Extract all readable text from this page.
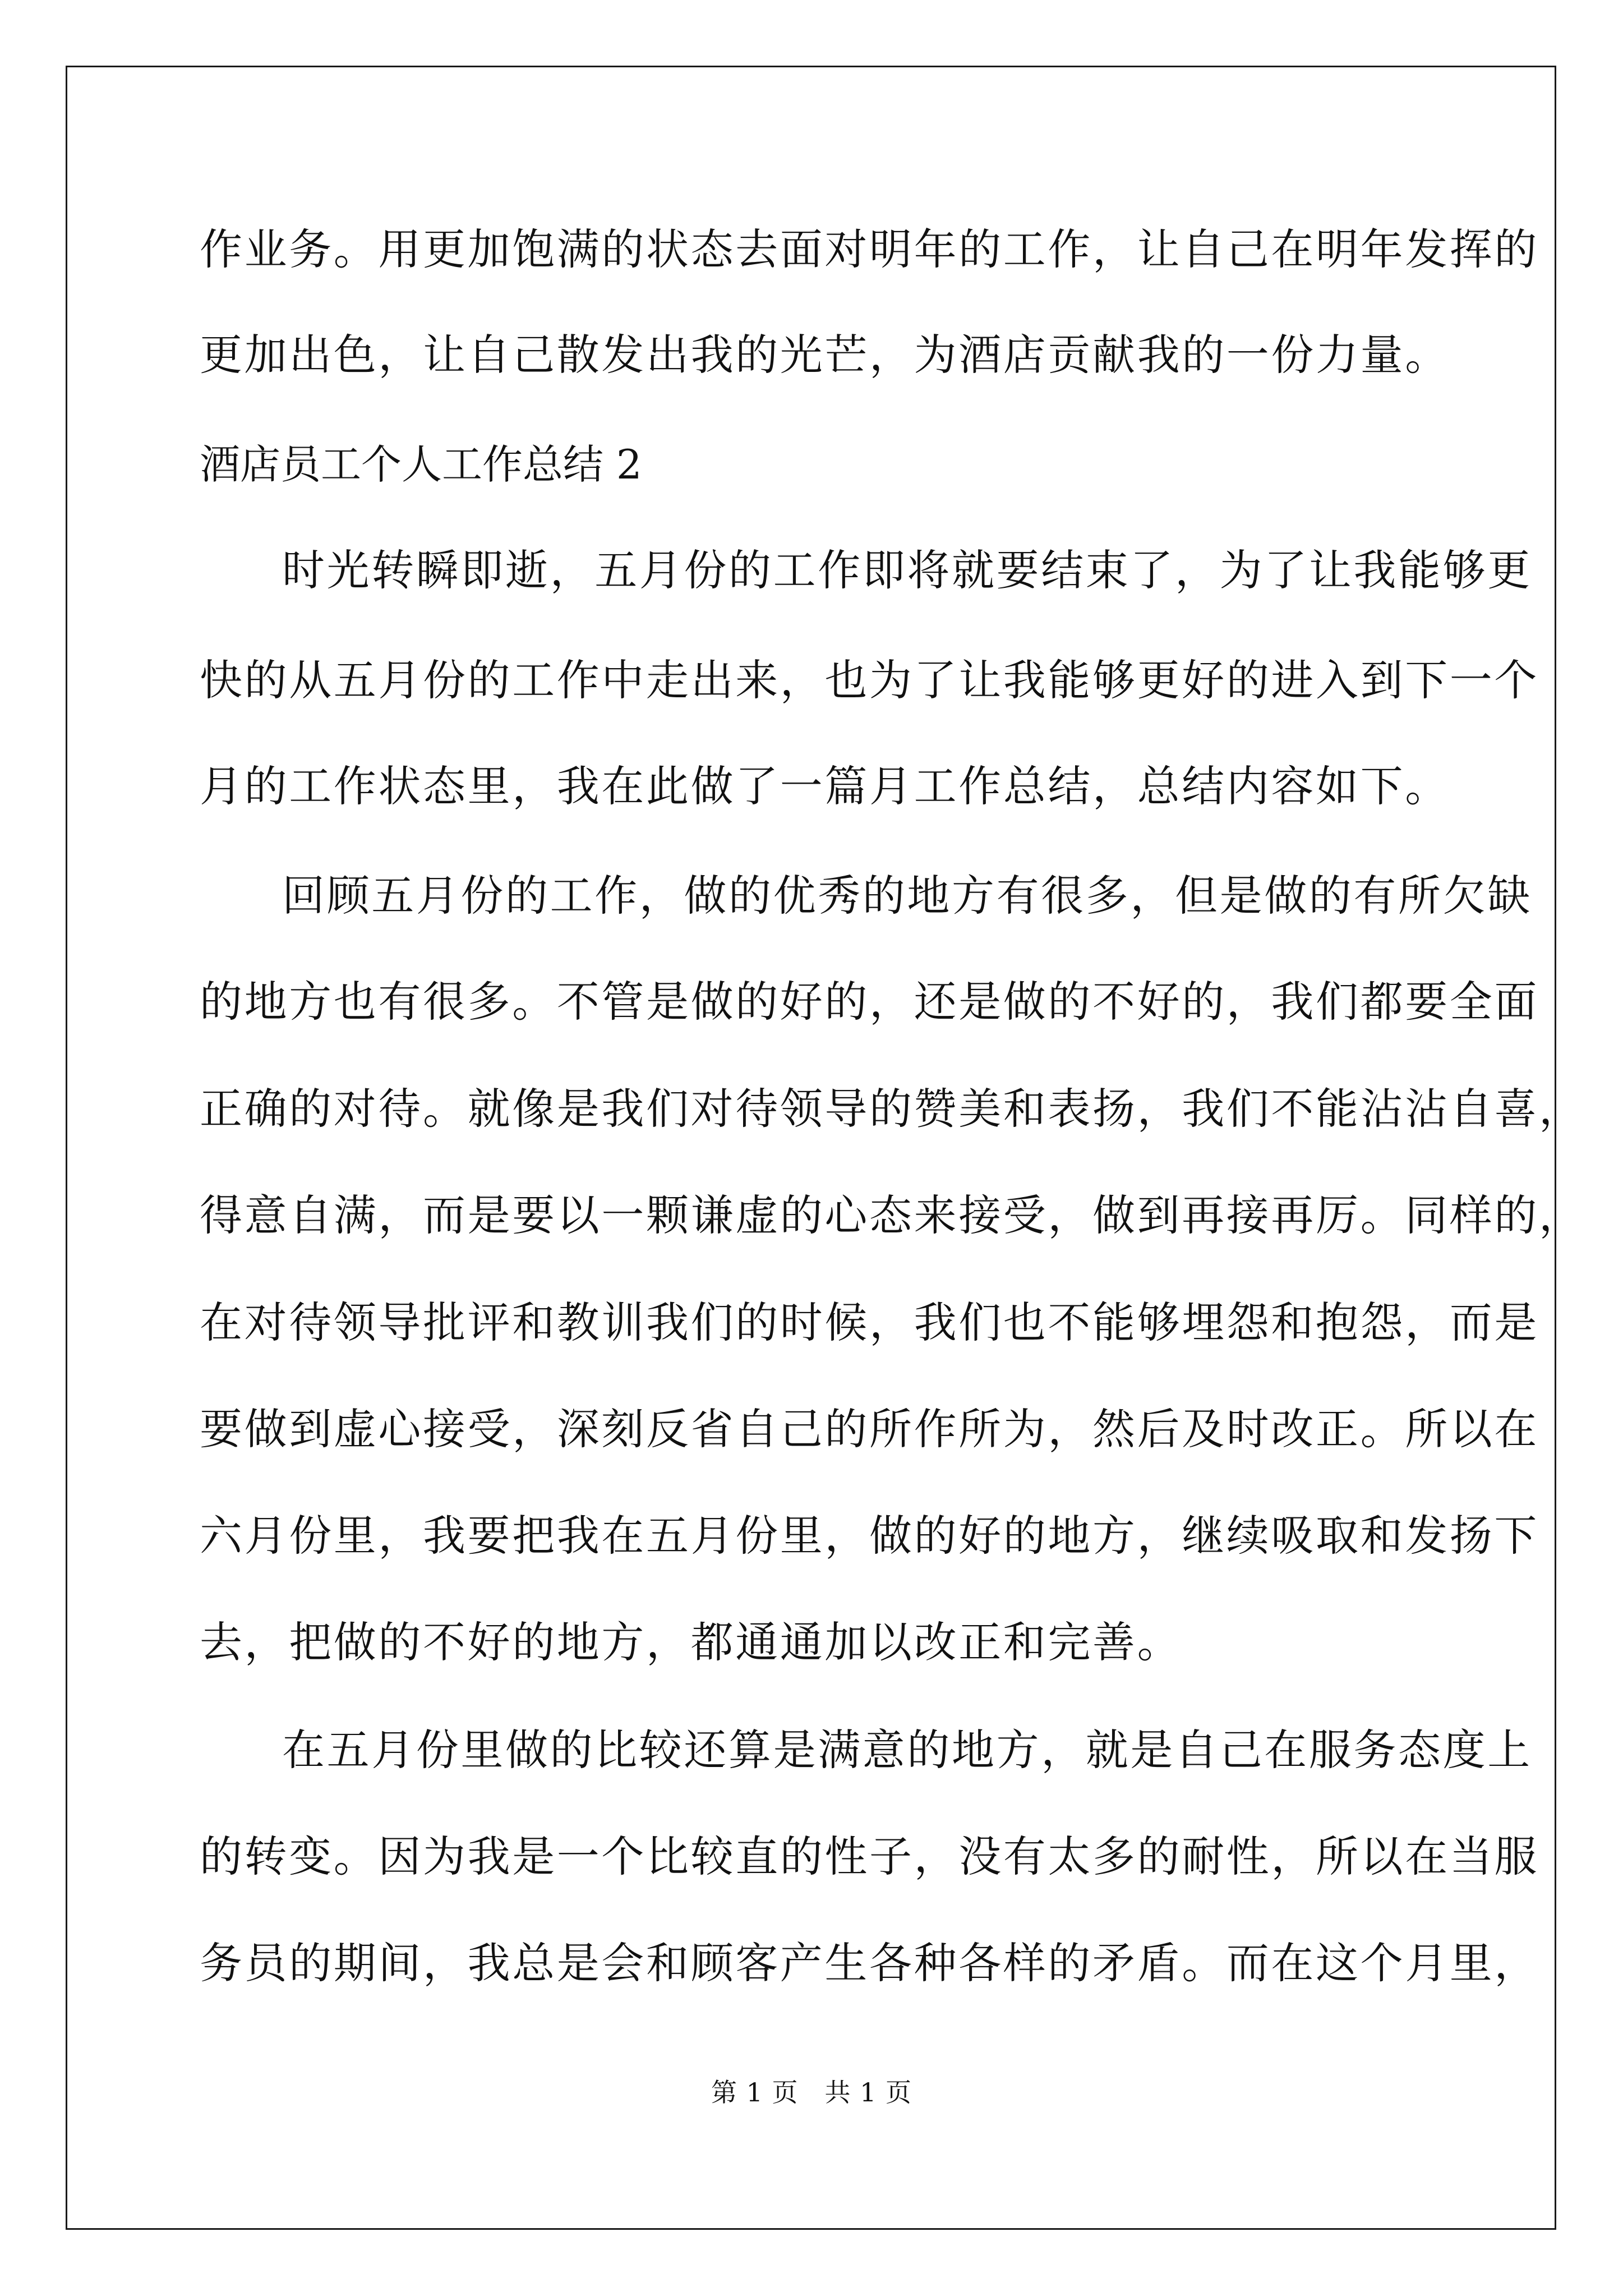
作业务。用更加饱满的状态去面对明年的工作，让自己在明年发挥的
更加出色，让自己散发出我的光芒，为酒店贡献我的一份力量。
酒店员工个人工作总结 2
时光转瞬即逝，五月份的工作即将就要结束了，为了让我能够更
快的从五月份的工作中走出来，也为了让我能够更好的进入到下一个
月的工作状态里，我在此做了一篇月工作总结，总结内容如下。
回顾五月份的工作，做的优秀的地方有很多，但是做的有所欠缺
的地方也有很多。不管是做的好的，还是做的不好的，我们都要全面
正确的对待。就像是我们对待领导的赞美和表扬，我们不能沾沾自喜，
得意自满，而是要以一颗谦虚的心态来接受，做到再接再厉。同样的，
在对待领导批评和教训我们的时候，我们也不能够埋怨和抱怨，而是
要做到虚心接受，深刻反省自己的所作所为，然后及时改正。所以在
六月份里，我要把我在五月份里，做的好的地方，继续吸取和发扬下
去，把做的不好的地方，都通通加以改正和完善。
在五月份里做的比较还算是满意的地方，就是自己在服务态度上
的转变。因为我是一个比较直的性子，没有太多的耐性，所以在当服
务员的期间，我总是会和顾客产生各种各样的矛盾。而在这个月里，
第 1 页　共 1 页
